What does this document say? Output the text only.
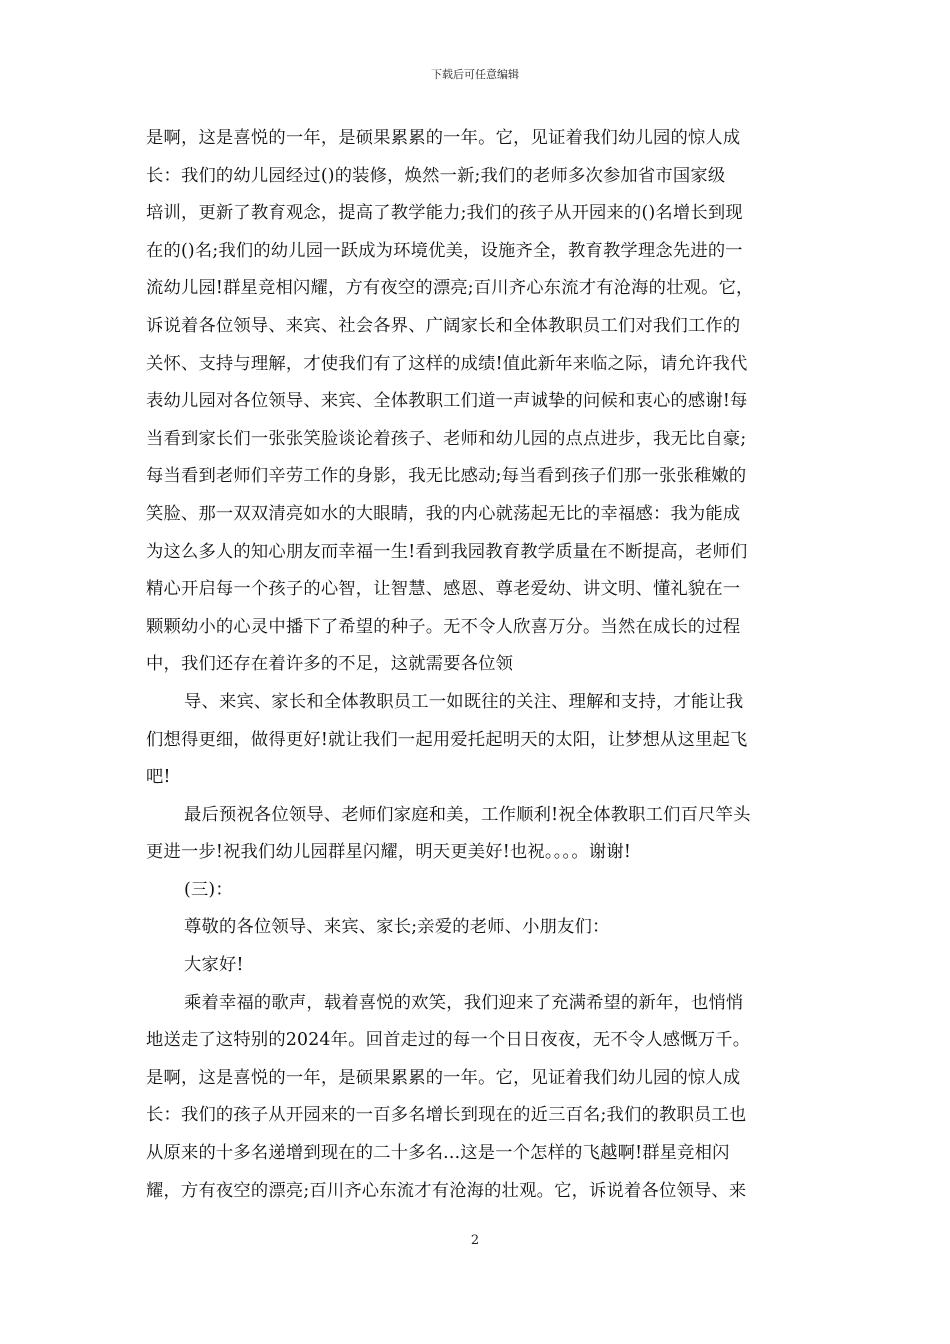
下载后可任意编辑
是啊，这是喜悦的一年，是硕果累累的一年。它，见证着我们幼儿园的惊人成
长：我们的幼儿园经过()的装修，焕然一新;我们的老师多次参加省市国家级
培训，更新了教育观念，提高了教学能力;我们的孩子从开园来的()名增长到现
在的()名;我们的幼儿园一跃成为环境优美，设施齐全，教育教学理念先进的一
流幼儿园!群星竞相闪耀，方有夜空的漂亮;百川齐心东流才有沧海的壮观。它，
诉说着各位领导、来宾、社会各界、广阔家长和全体教职员工们对我们工作的
关怀、支持与理解，才使我们有了这样的成绩!值此新年来临之际，请允许我代
表幼儿园对各位领导、来宾、全体教职工们道一声诚挚的问候和衷心的感谢!每
当看到家长们一张张笑脸谈论着孩子、老师和幼儿园的点点进步，我无比自豪;
每当看到老师们辛劳工作的身影，我无比感动;每当看到孩子们那一张张稚嫩的
笑脸、那一双双清亮如水的大眼睛，我的内心就荡起无比的幸福感：我为能成
为这么多人的知心朋友而幸福一生!看到我园教育教学质量在不断提高，老师们
精心开启每一个孩子的心智，让智慧、感恩、尊老爱幼、讲文明、懂礼貌在一
颗颗幼小的心灵中播下了希望的种子。无不令人欣喜万分。当然在成长的过程
中，我们还存在着许多的不足，这就需要各位领
导、来宾、家长和全体教职员工一如既往的关注、理解和支持，才能让我
们想得更细，做得更好!就让我们一起用爱托起明天的太阳，让梦想从这里起飞
吧!
最后预祝各位领导、老师们家庭和美，工作顺利!祝全体教职工们百尺竿头
更进一步!祝我们幼儿园群星闪耀，明天更美好!也祝。。。。谢谢!
(三)：
尊敬的各位领导、来宾、家长;亲爱的老师、小朋友们：
大家好!
乘着幸福的歌声，载着喜悦的欢笑，我们迎来了充满希望的新年，也悄悄
地送走了这特别的2024年。回首走过的每一个日日夜夜，无不令人感慨万千。
是啊，这是喜悦的一年，是硕果累累的一年。它，见证着我们幼儿园的惊人成
长：我们的孩子从开园来的一百多名增长到现在的近三百名;我们的教职员工也
从原来的十多名递增到现在的二十多名...这是一个怎样的飞越啊!群星竞相闪
耀，方有夜空的漂亮;百川齐心东流才有沧海的壮观。它，诉说着各位领导、来
2
